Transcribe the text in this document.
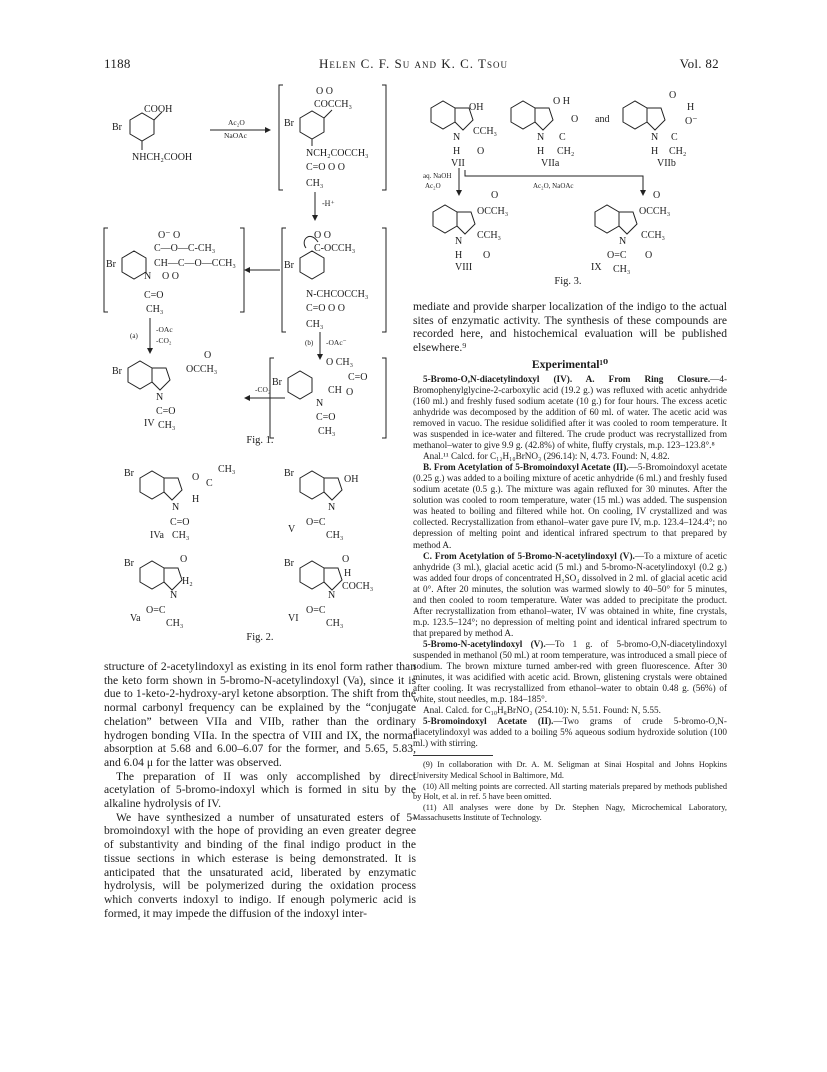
1188	Helen C. F. Su and K. C. Tsou	Vol. 82
COOH
Br
NHCH₂COOH
Ac₂O
NaOAc
O O
COCCH₃
Br
NCH₂COCCH₃
C=O O O
CH₃
-H⁺
O O
Br
C-OCCH₃
N-CHCOCCH₃
C=O O O
CH₃
O⁻ O
C—O—C-CH₃
Br	CH—C—O—CCH₃
O O
N
C=O
CH₃
(a)
-OAc
-CO₂	(b) -OAc⁻
O
OCCH₃
Br
N
C=O
IV CH₃
-CO₂
O CH₃
Br	C=O
CH O
N
C=O
CH₃
Fig. 1.
Br	CH₃
O
C
H
N
C=O
IVa CH₃
Br
OH
N
O=C
V
CH₃
Br	O
H₂
N
O=C
Va	CH₃
Br	O
H
COCH₃
N
O=C
VI	CH₃
Fig. 2.
OH
N
CCH₃
H O
VII
O H
O
N C
H CH₂
VIIa
and
O
H
O⁻
N C
H CH₂
VIIb
aq. NaOH
Ac₂O	Ac₂O, NaOAc
O
OCCH₃
N
CCH₃
H O
VIII
O
OCCH₃
N
CCH₃
O=C O
IX CH₃
Fig. 3.

structure of 2-acetylindoxyl as existing in its enol form rather than the keto form shown in 5-bromo-N-acetylindoxyl (Va), since it is due to 1-keto-2-hydroxy-aryl ketone absorption. The shift from the normal carbonyl frequency can be explained by the “conjugate chelation” between VIIa and VIIb, rather than the ordinary hydrogen bonding VIIa. In the spectra of VIII and IX, the normal absorption at 5.68 and 6.00–6.07 for the former, and 5.65, 5.83, and 6.04 μ for the latter was observed.

The preparation of II was only accomplished by direct acetylation of 5-bromo-indoxyl which is formed in situ by the alkaline hydrolysis of IV.

We have synthesized a number of unsaturated esters of 5-bromoindoxyl with the hope of providing an even greater degree of substantivity and binding of the final indigo product in the tissue sections in which esterase is being demonstrated. It is anticipated that the unsaturated acid, liberated by enzymatic hydrolysis, will be polymerized during the oxidation process which converts indoxyl to indigo. If enough polymeric acid is formed, it may impede the diffusion of the indoxyl inter-

mediate and provide sharper localization of the indigo to the actual sites of enzymatic activity. The synthesis of these compounds are recorded here, and histochemical evaluation will be published elsewhere.⁹

Experimental¹⁰

5-Bromo-O,N-diacetylindoxyl (IV). A. From Ring Closure.—4-Bromophenylglycine-2-carboxylic acid (19.2 g.) was refluxed with acetic anhydride (160 ml.) and freshly fused sodium acetate (10 g.) for four hours. The excess acetic anhydride was decomposed by the addition of 60 ml. of water. The acetic acid was removed in vacuo. The residue solidified after it was cooled to room temperature. It was suspended in ice-water and filtered. The crude product was recrystallized from methanol–water to give 9.9 g. (42.8%) of white, fluffy crystals, m.p. 123–123.8°.⁸

Anal.¹¹ Calcd. for C₁₂H₁₀BrNO₃ (296.14): N, 4.73. Found: N, 4.82.

B. From Acetylation of 5-Bromoindoxyl Acetate (II).—5-Bromoindoxyl acetate (0.25 g.) was added to a boiling mixture of acetic anhydride (6 ml.) and freshly fused sodium acetate (0.5 g.). The mixture was again refluxed for 30 minutes. After the solution was cooled to room temperature, water (15 ml.) was added. The suspension was heated to boiling and filtered while hot. On cooling, IV crystallized and was collected. Recrystallization from ethanol–water gave pure IV, m.p. 123.4–124.4°; no depression of melting point and identical infrared spectrum to that prepared by method A.

C. From Acetylation of 5-Bromo-N-acetylindoxyl (V).—To a mixture of acetic anhydride (3 ml.), glacial acetic acid (5 ml.) and 5-bromo-N-acetylindoxyl (0.2 g.) was added four drops of concentrated H₂SO₄ dissolved in 2 ml. of glacial acetic acid at 0°. After 20 minutes, the solution was warmed slowly to 40–50° for 5 minutes, and then cooled to room temperature. Water was added to precipitate the product. After recrystallization from ethanol–water, IV was obtained in white, fine crystals, m.p. 123.5–124°; no depression of melting point and identical infrared spectrum to that prepared by method A.

5-Bromo-N-acetylindoxyl (V).—To 1 g. of 5-bromo-O,N-diacetylindoxyl suspended in methanol (50 ml.) at room temperature, was introduced a small piece of sodium. The brown mixture turned amber-red with green fluorescence. After 30 minutes, it was acidified with acetic acid. Brown, glistening crystals were obtained after cooling. It was recrystallized from ethanol–water to obtain 0.48 g. (56%) of white, stout needles, m.p. 184–185°.

Anal. Calcd. for C₁₀H₈BrNO₂ (254.10): N, 5.51. Found: N, 5.55.

5-Bromoindoxyl Acetate (II).—Two grams of crude 5-bromo-O,N-diacetylindoxyl was added to a boiling 5% aqueous sodium hydroxide solution (100 ml.) with stirring.

(9) In collaboration with Dr. A. M. Seligman at Sinai Hospital and Johns Hopkins University Medical School in Baltimore, Md.

(10) All melting points are corrected. All starting materials prepared by methods published by Holt, et al. in ref. 5 have been omitted.

(11) All analyses were done by Dr. Stephen Nagy, Microchemical Laboratory, Massachusetts Institute of Technology.
